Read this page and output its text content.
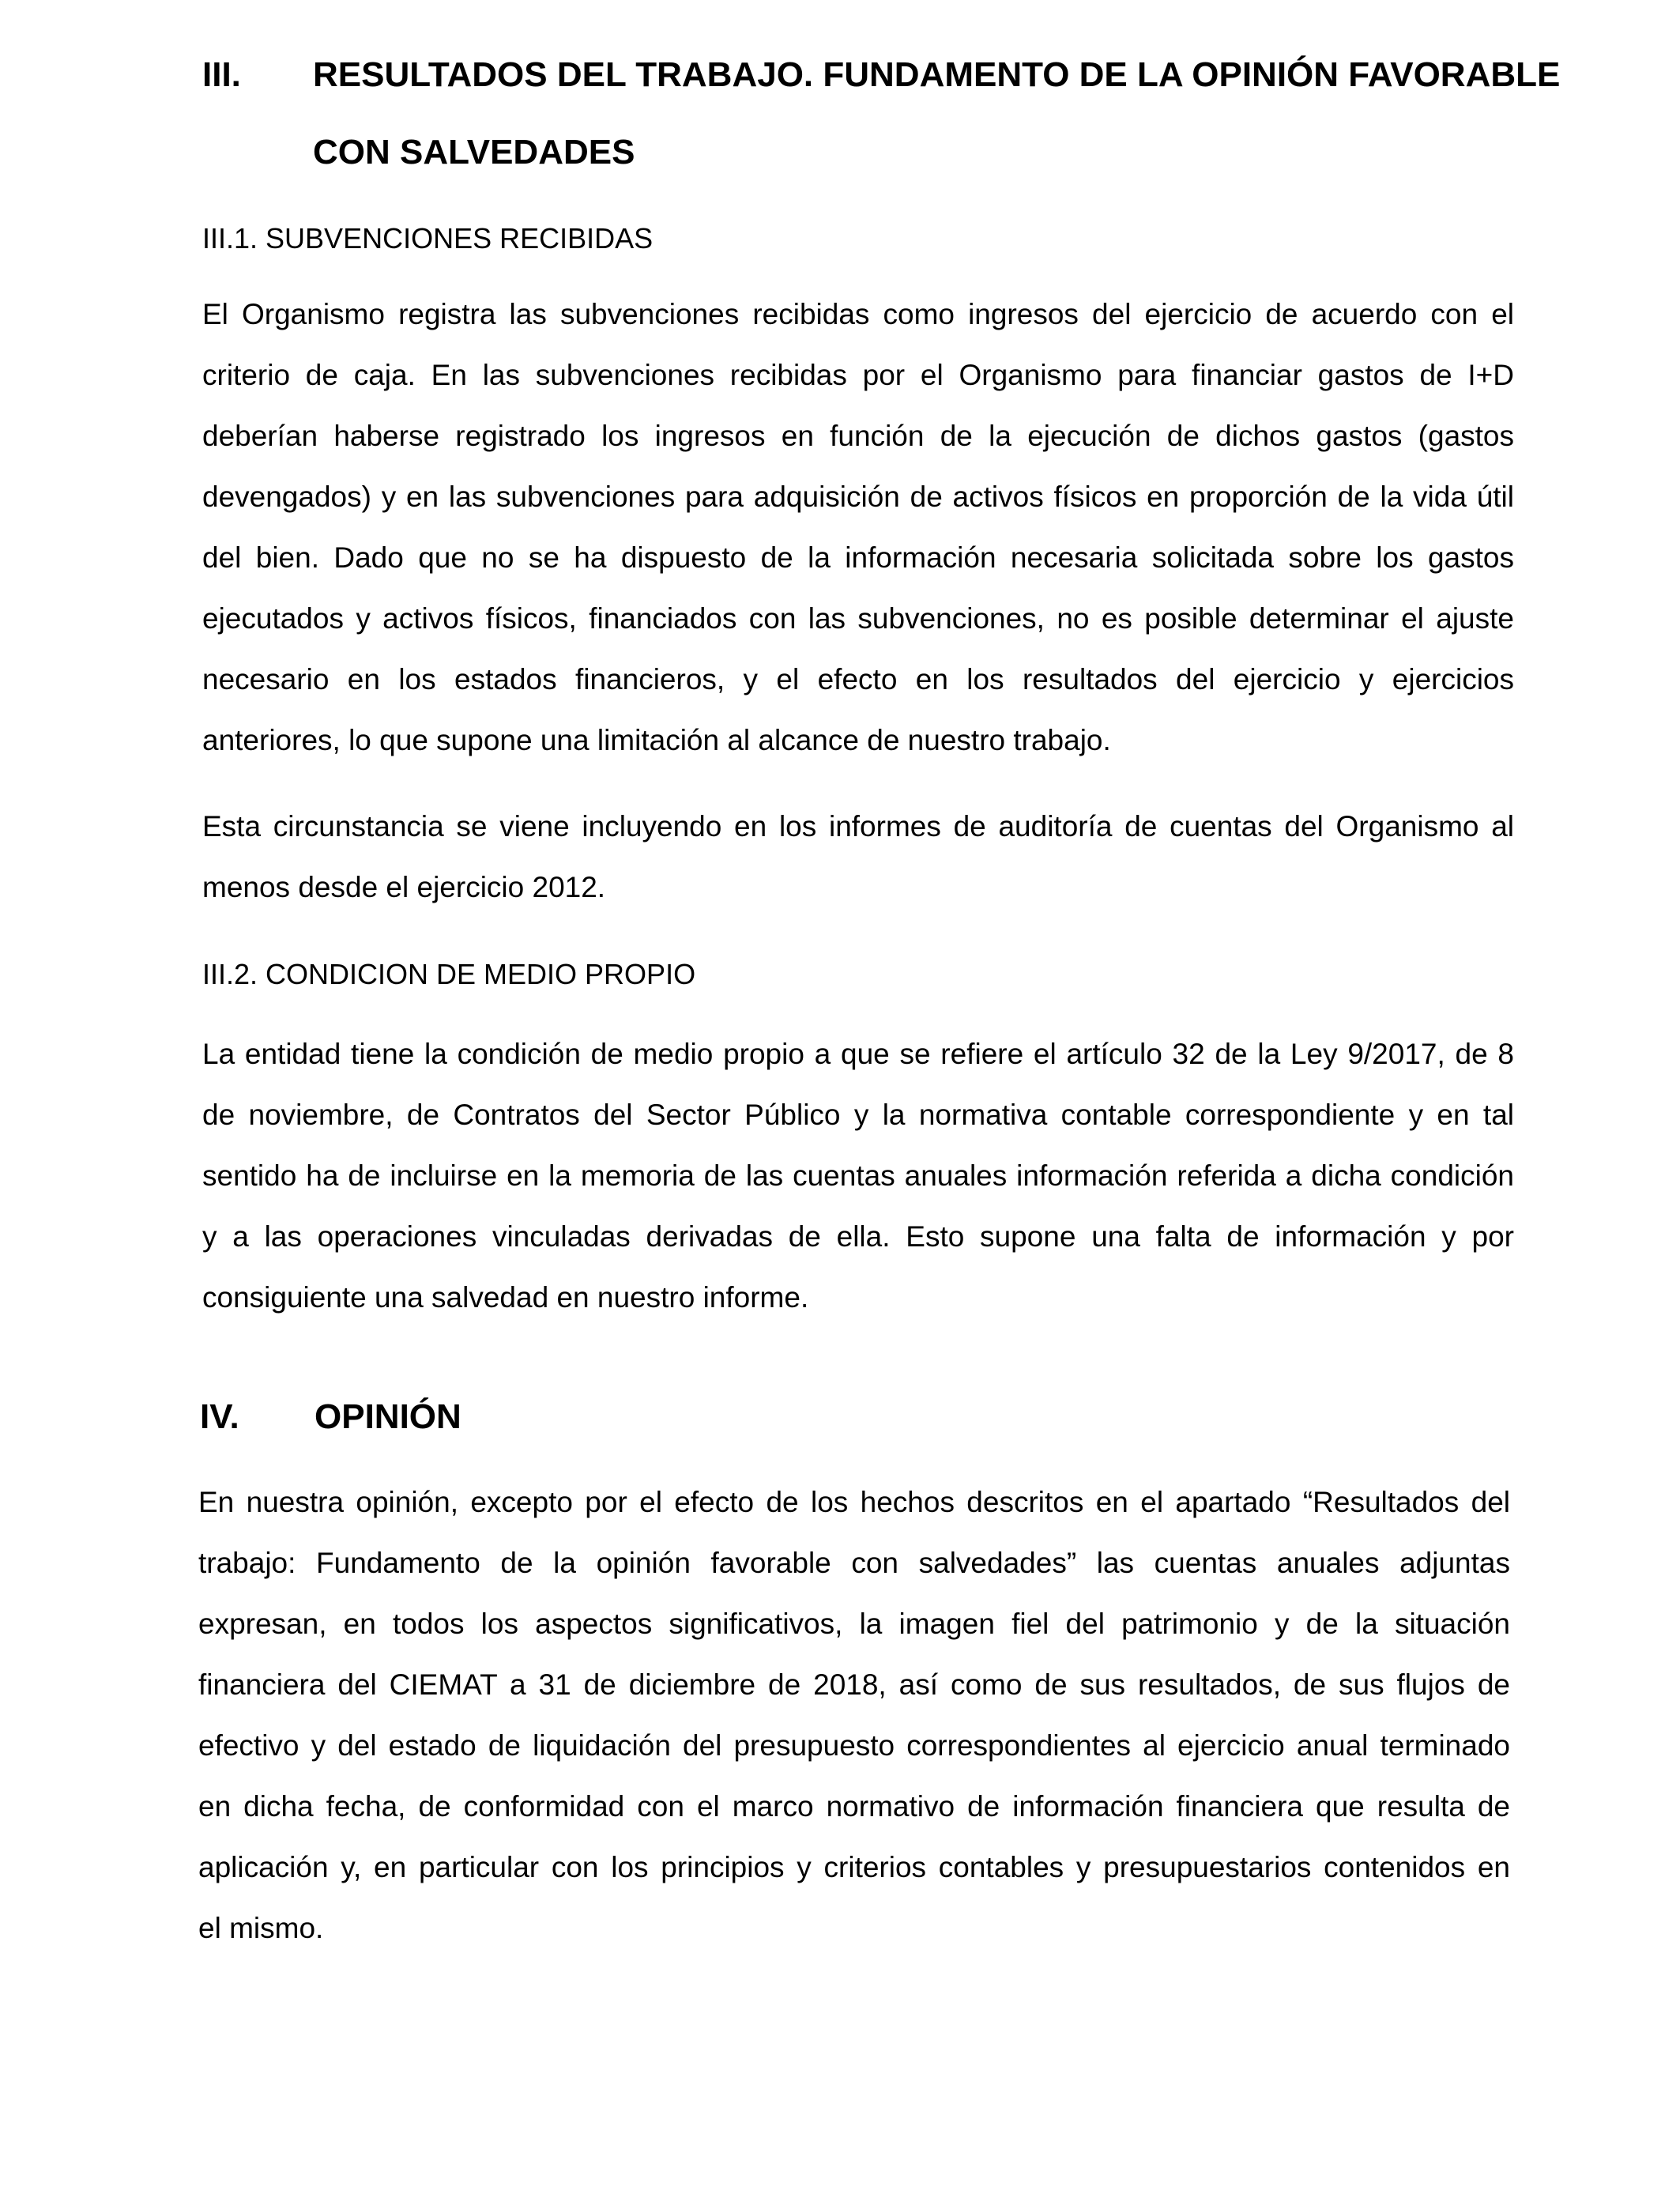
III. RESULTADOS DEL TRABAJO. FUNDAMENTO DE LA OPINIÓN FAVORABLE
CON SALVEDADES
III.1. SUBVENCIONES RECIBIDAS
El Organismo registra las subvenciones recibidas como ingresos del ejercicio de acuerdo con el
criterio de caja. En las subvenciones recibidas por el Organismo para financiar gastos de I+D
deberían haberse registrado los ingresos en función de la ejecución de dichos gastos (gastos
devengados) y en las subvenciones para adquisición de activos físicos en proporción de la vida útil
del bien. Dado que no se ha dispuesto de la información necesaria solicitada sobre los gastos
ejecutados y activos físicos, financiados con las subvenciones, no es posible determinar el ajuste
necesario en los estados financieros, y el efecto en los resultados del ejercicio y ejercicios
anteriores, lo que supone una limitación al alcance de nuestro trabajo.
Esta circunstancia se viene incluyendo en los informes de auditoría de cuentas del Organismo al
menos desde el ejercicio 2012.
III.2. CONDICION DE MEDIO PROPIO
La entidad tiene la condición de medio propio a que se refiere el artículo 32 de la Ley 9/2017, de 8
de noviembre, de Contratos del Sector Público y la normativa contable correspondiente y en tal
sentido ha de incluirse en la memoria de las cuentas anuales información referida a dicha condición
y a las operaciones vinculadas derivadas de ella. Esto supone una falta de información y por
consiguiente una salvedad en nuestro informe.
IV. OPINIÓN
En nuestra opinión, excepto por el efecto de los hechos descritos en el apartado “Resultados del
trabajo: Fundamento de la opinión favorable con salvedades” las cuentas anuales adjuntas
expresan, en todos los aspectos significativos, la imagen fiel del patrimonio y de la situación
financiera del CIEMAT a 31 de diciembre de 2018, así como de sus resultados, de sus flujos de
efectivo y del estado de liquidación del presupuesto correspondientes al ejercicio anual terminado
en dicha fecha, de conformidad con el marco normativo de información financiera que resulta de
aplicación y, en particular con los principios y criterios contables y presupuestarios contenidos en
el mismo.
